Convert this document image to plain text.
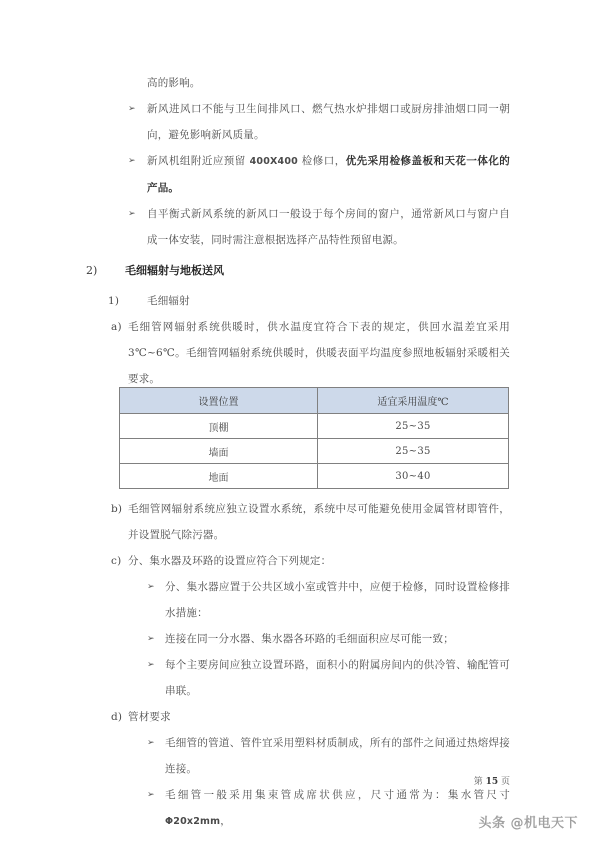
高的影响。
➢ 新风进风口不能与卫生间排风口、燃气热水炉排烟口或厨房排油烟口同一朝向，避免影响新风质量。
➢ 新风机组附近应预留 400X400 检修口，优先采用检修盖板和天花一体化的产品。
➢ 自平衡式新风系统的新风口一般设于每个房间的窗户，通常新风口与窗户自成一体安装，同时需注意根据选择产品特性预留电源。
2)	毛细辐射与地板送风
1)	毛细辐射
a) 毛细管网辐射系统供暖时，供水温度宜符合下表的规定，供回水温差宜采用 3℃~6℃。毛细管网辐射系统供暖时，供暖表面平均温度参照地板辐射采暖相关要求。
设置位置	适宜采用温度℃
顶棚	25~35
墙面	25~35
地面	30~40
b) 毛细管网辐射系统应独立设置水系统，系统中尽可能避免使用金属管材即管件，并设置脱气除污器。
c) 分、集水器及环路的设置应符合下列规定：
➢ 分、集水器应置于公共区域小室或管井中，应便于检修，同时设置检修排水措施：
➢ 连接在同一分水器、集水器各环路的毛细面积应尽可能一致；
➢ 每个主要房间应独立设置环路，面积小的附属房间内的供冷管、输配管可串联。
d) 管材要求
➢ 毛细管的管道、管件宜采用塑料材质制成，所有的部件之间通过热熔焊接连接。
➢ 毛细管一般采用集束管成席状供应，尺寸通常为：集水管尺寸 Φ20x2mm，
第 15 页
头条 @机电天下
